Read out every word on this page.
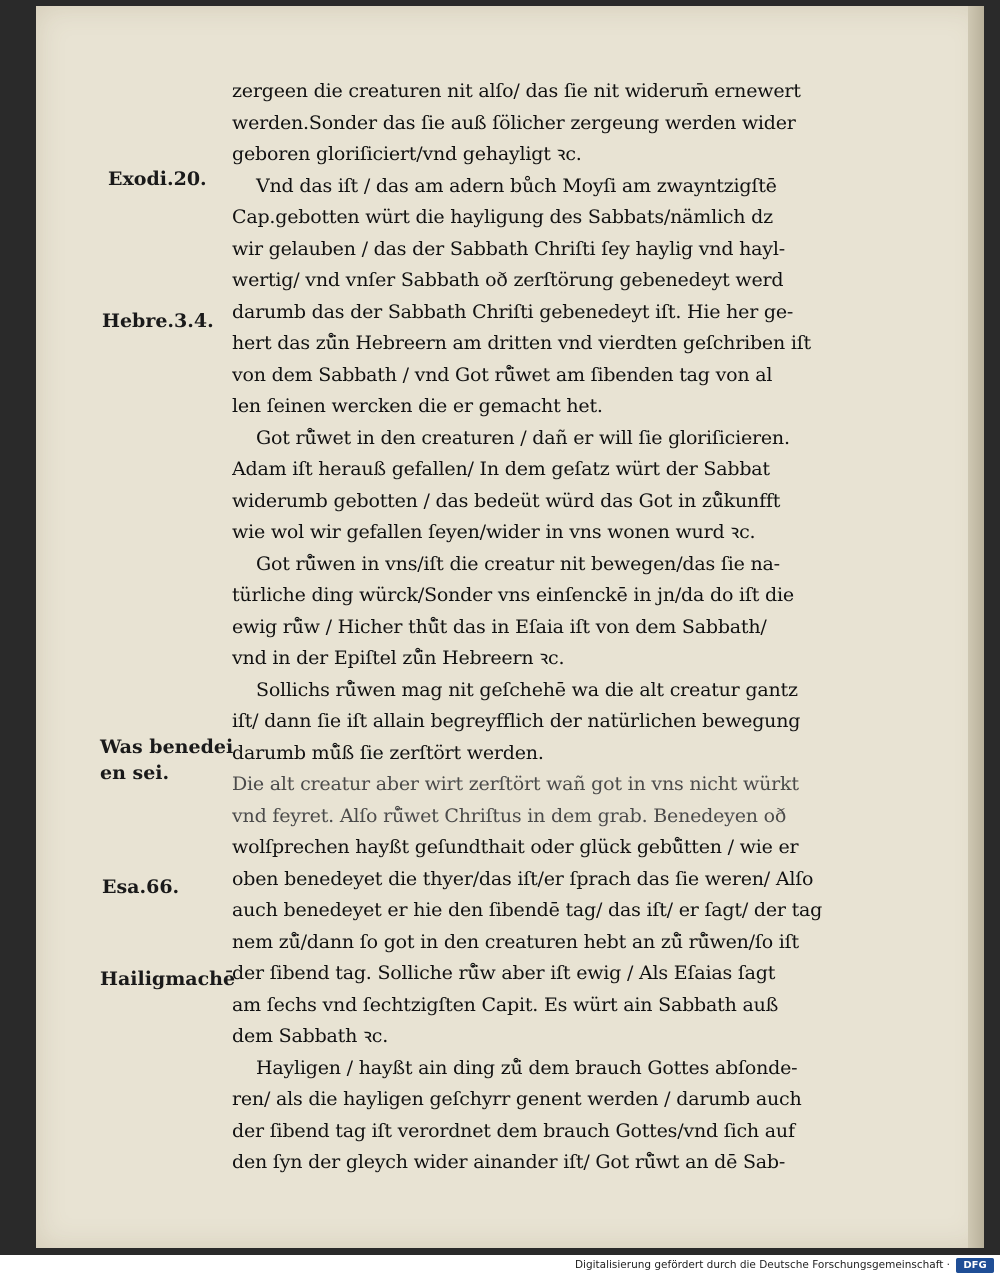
Exodi.20.
Hebre.3.4.
Was benedei
en sei.
Esa.66.
Hailigmachē
zergeen die creaturen nit alſo/ das ſie nit widerum̄ ernewert
werden.Sonder das ſie auß ſölicher zergeung werden wider
geboren gloriſiciert/vnd gehayligt ꝛc.
Vnd das iſt / das am adern bůch Moyſi am zwayntzigſtē
Cap.gebotten würt die hayligung des Sabbats/nämlich dz
wir gelauben / das der Sabbath Chriſti ſey haylig vnd hayl-
wertig/ vnd vnſer Sabbath oð zerſtörung gebenedeyt werd
darumb das der Sabbath Chriſti gebenedeyt iſt. Hie her ge-
hert das zů̈n Hebreern am dritten vnd vierdten geſchriben iſt
von dem Sabbath / vnd Got rů̈wet am ſibenden tag von al
len ſeinen wercken die er gemacht het.
Got rů̈wet in den creaturen / dañ er will ſie gloriſicieren.
Adam iſt herauß gefallen/ In dem geſatz würt der Sabbat
widerumb gebotten / das bedeüt würd das Got in zů̈kunfft
wie wol wir gefallen ſeyen/wider in vns wonen wurd ꝛc.
Got rů̈wen in vns/iſt die creatur nit bewegen/das ſie na-
türliche ding würck/Sonder vns einſenckē in jn/da do iſt die
ewig rů̈w / Hicher thů̈t das in Eſaia iſt von dem Sabbath/
vnd in der Epiſtel zů̈n Hebreern ꝛc.
Sollichs rů̈wen mag nit geſchehē wa die alt creatur gantz
iſt/ dann ſie iſt allain begreyfflich der natürlichen bewegung
darumb mů̈ß ſie zerſtört werden.
Die alt creatur aber wirt zerſtört wañ got in vns nicht würkt
vnd feyret. Alſo rů̈wet Chriſtus in dem grab. Benedeyen oð
wolſprechen hayßt geſundthait oder glück gebů̈tten / wie er
oben benedeyet die thyer/das iſt/er ſprach das ſie weren/ Alſo
auch benedeyet er hie den ſibendē tag/ das iſt/ er ſagt/ der tag
nem zů̈/dann ſo got in den creaturen hebt an zů̈ rů̈wen/ſo iſt
der ſibend tag. Solliche rů̈w aber iſt ewig / Als Eſaias ſagt
am ſechs vnd ſechtzigſten Capit. Es würt ain Sabbath auß
dem Sabbath ꝛc.
Hayligen / hayßt ain ding zů̈ dem brauch Gottes abſonde-
ren/ als die hayligen geſchyrr genent werden / darumb auch
der ſibend tag iſt verordnet dem brauch Gottes/vnd ſich auf
den ſyn der gleych wider ainander iſt/ Got rů̈wt an dē Sab-
Digitalisierung gefördert durch die Deutsche Forschungsgemeinschaft ·	DFG
